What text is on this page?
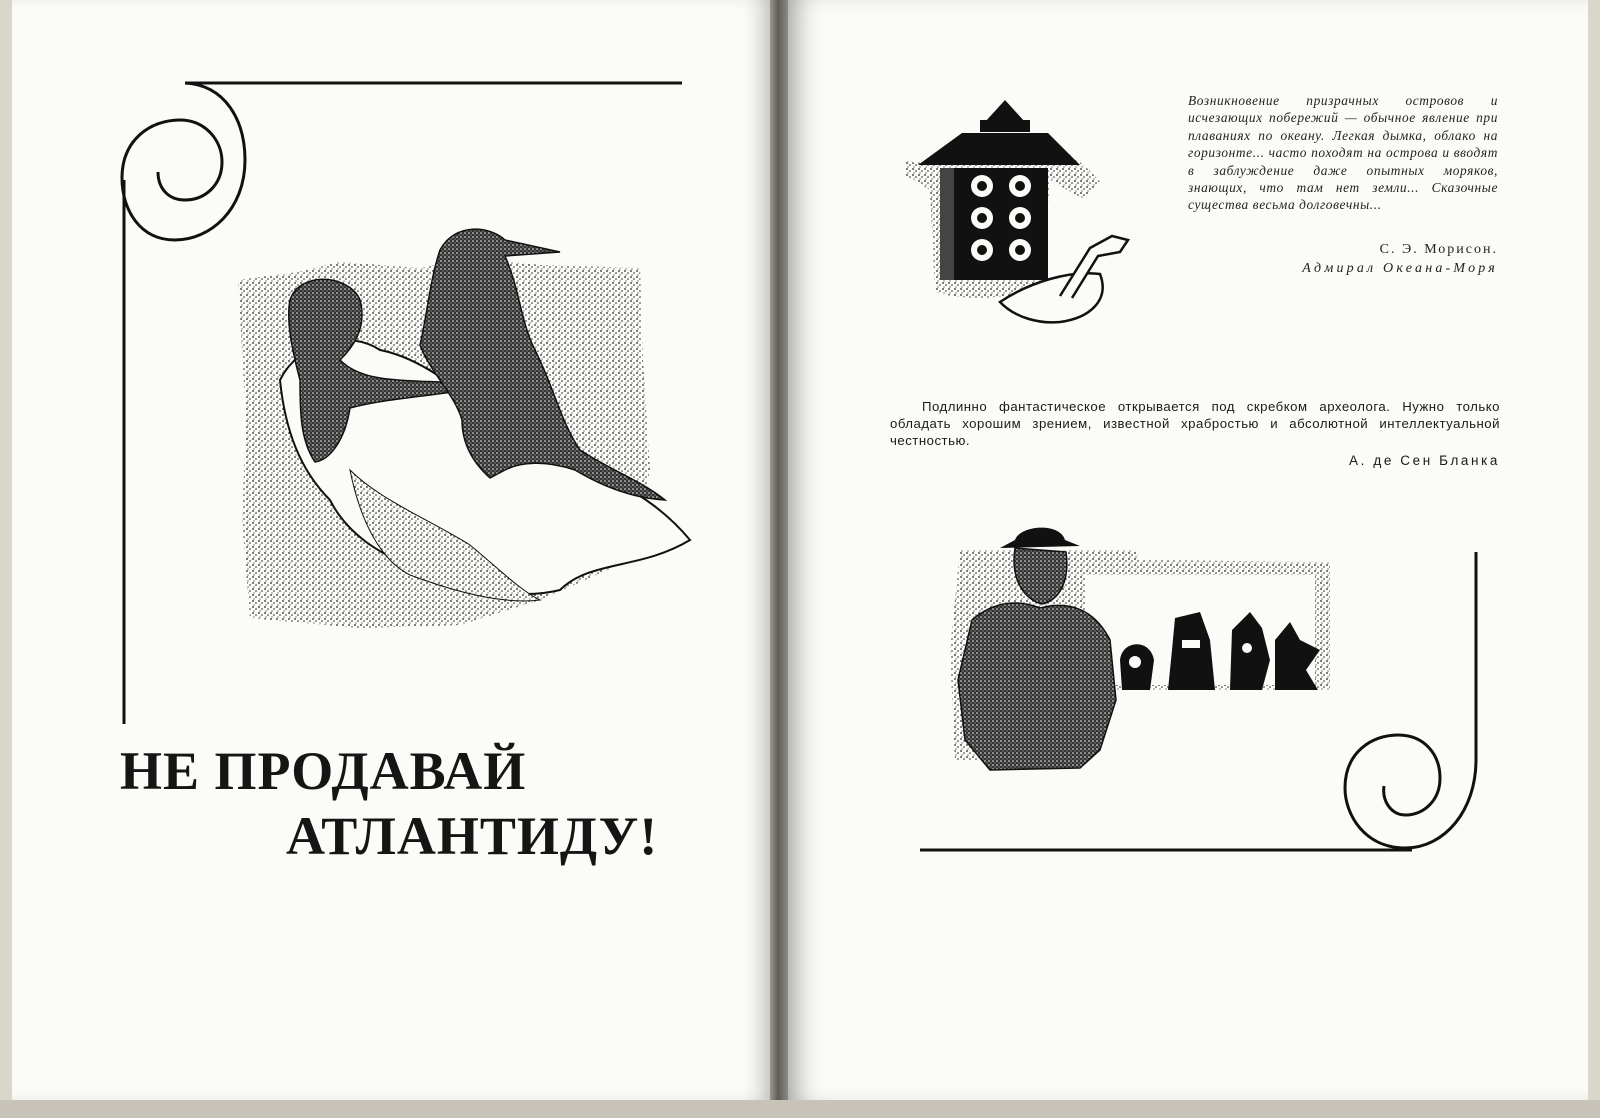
НЕ ПРОДАВАЙ
АТЛАНТИДУ!

Возникновение призрачных островов и исчезающих побережий — обычное явление при плаваниях по океану. Легкая дымка, облако на горизонте... часто походят на острова и вводят в заблуждение даже опытных моряков, знающих, что там нет земли... Сказочные существа весьма долговечны...

С. Э. Морисон.
Адмирал Океана-Моря

Подлинно фантастическое открывается под скребком археолога. Нужно только обладать хорошим зрением, известной храбростью и абсолютной интеллектуальной честностью.

А. де Сен Бланка
